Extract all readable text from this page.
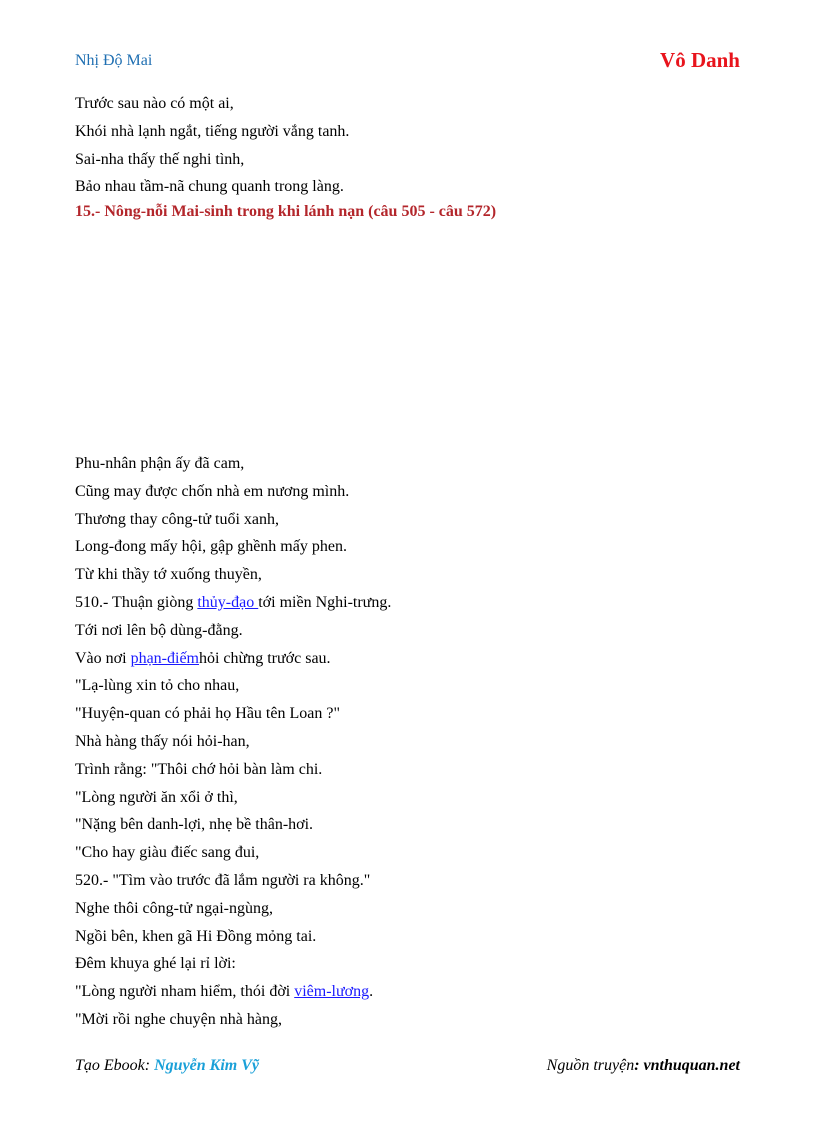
Nhị Độ Mai	Vô Danh
Trước sau nào có một ai,
Khói nhà lạnh ngắt, tiếng người vắng tanh.
Sai-nha thấy thế nghi tình,
Bảo nhau tầm-nã chung quanh trong làng.
15.- Nông-nỗi Mai-sinh trong khi lánh nạn (câu 505 - câu 572)
Phu-nhân phận ấy đã cam,
Cũng may được chốn nhà em nương mình.
Thương thay công-tử tuổi xanh,
Long-đong mấy hội, gập ghềnh mấy phen.
Từ khi thầy tớ xuống thuyền,
510.- Thuận giòng thủy-đạo tới miền Nghi-trưng.
Tới nơi lên bộ dùng-đằng.
Vào nơi phạn-điếmhỏi chừng trước sau.
"Lạ-lùng xin tỏ cho nhau,
"Huyện-quan có phải họ Hầu tên Loan ?"
Nhà hàng thấy nói hỏi-han,
Trình rằng: "Thôi chớ hỏi bàn làm chi.
"Lòng người ăn xổi ở thì,
"Nặng bên danh-lợi, nhẹ bề thân-hơi.
"Cho hay giàu điếc sang đui,
520.- "Tìm vào trước đã lắm người ra không."
Nghe thôi công-tử ngại-ngùng,
Ngồi bên, khen gã Hi Đồng mỏng tai.
Đêm khuya ghé lại rỉ lời:
"Lòng người nham hiểm, thói đời viêm-lương.
"Mời rồi nghe chuyện nhà hàng,
Tạo Ebook: Nguyễn Kim Vỹ	Nguồn truyện: vnthuquan.net
